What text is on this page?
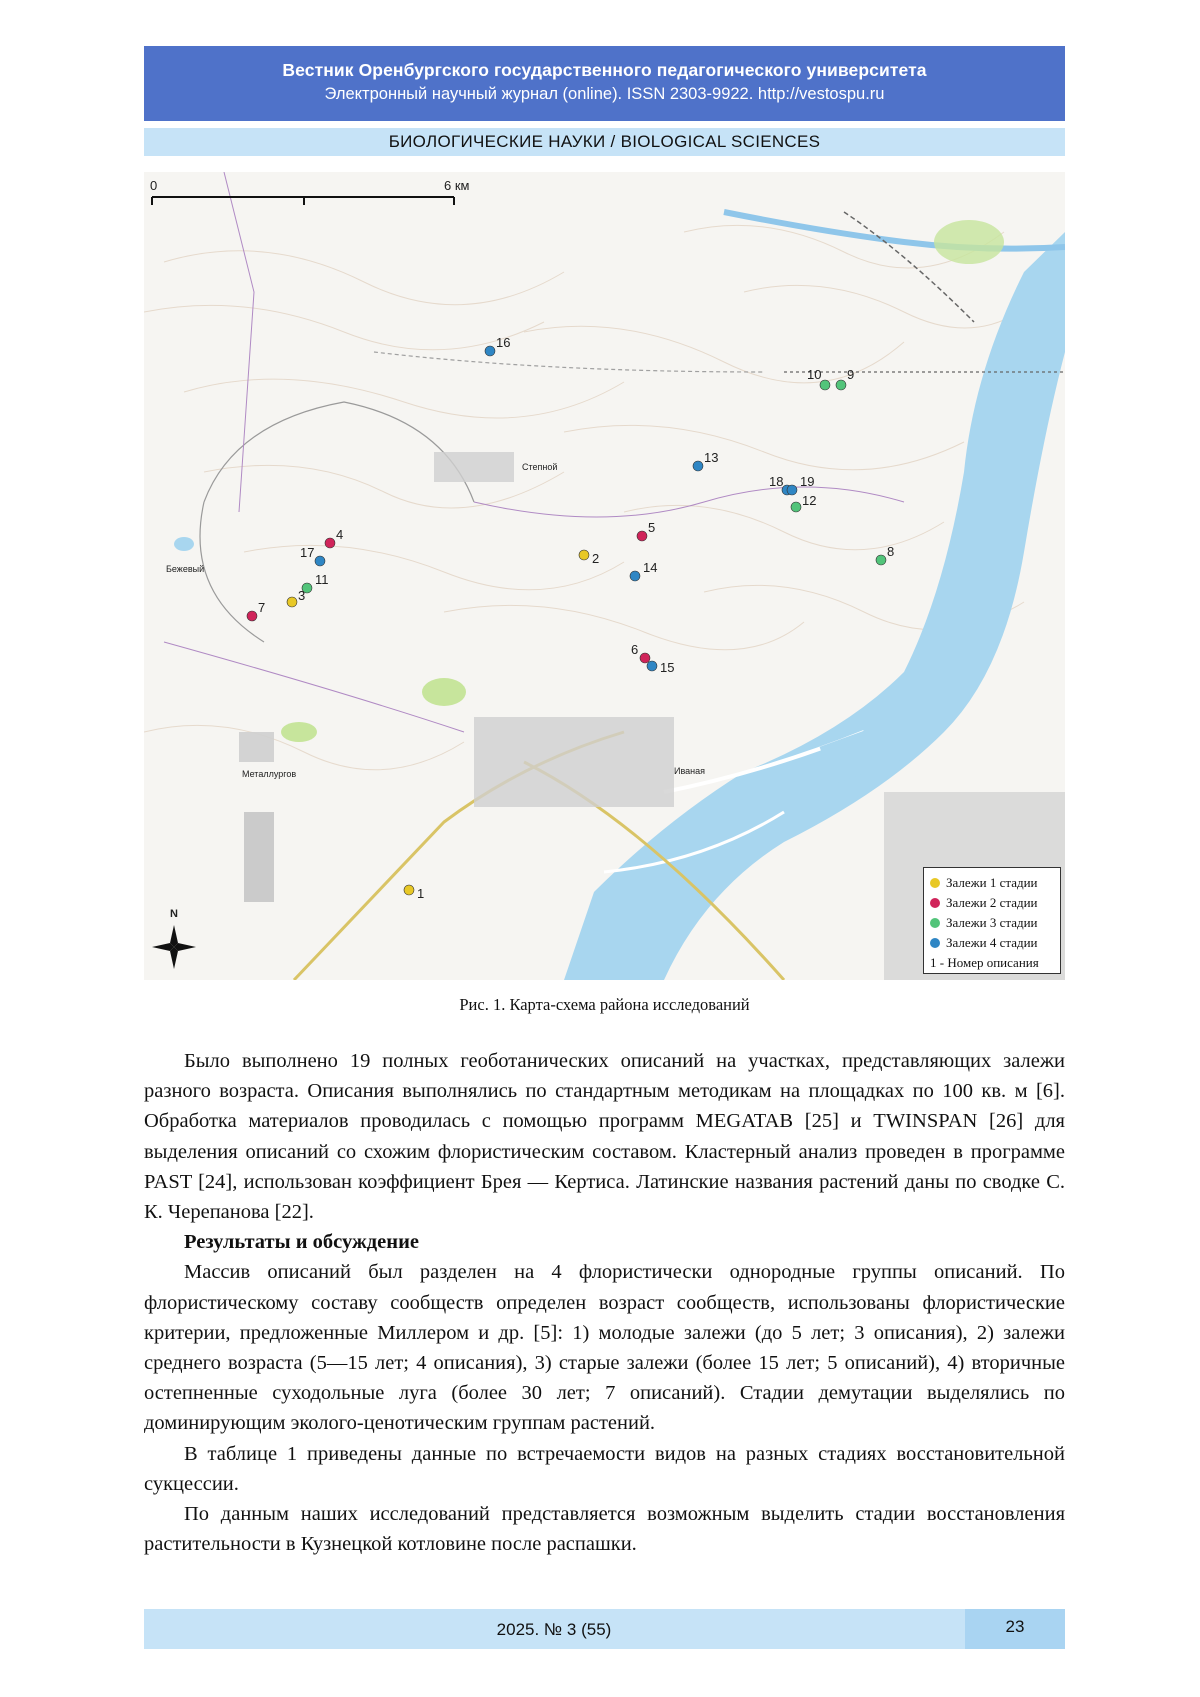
Вестник Оренбургского государственного педагогического университета
Электронный научный журнал (online). ISSN 2303-9922. http://vestospu.ru
БИОЛОГИЧЕСКИЕ НАУКИ / BIOLOGICAL SCIENCES
0	6 км
N
Степной
Бежевый
Металлургов	Иваная
1
2
3
4	5
6
7
8
9
10
11
12
13
14
15
16
17
18 19
Залежи 1 стадии
Залежи 2 стадии
Залежи 3 стадии
Залежи 4 стадии
1 - Номер описания
Рис. 1. Карта-схема района исследований

Было выполнено 19 полных геоботанических описаний на участках, представляющих залежи разного возраста. Описания выполнялись по стандартным методикам на площадках по 100 кв. м [6]. Обработка материалов проводилась с помощью программ MEGATAB [25] и TWINSPAN [26] для выделения описаний со схожим флористическим составом. Кластерный анализ проведен в программе PAST [24], использован коэффициент Брея — Кертиса. Латинские названия растений даны по сводке С. К. Черепанова [22].

Результаты и обсуждение

Массив описаний был разделен на 4 флористически однородные группы описаний. По флористическому составу сообществ определен возраст сообществ, использованы флористические критерии, предложенные Миллером и др. [5]: 1) молодые залежи (до 5 лет; 3 описания), 2) залежи среднего возраста (5—15 лет; 4 описания), 3) старые залежи (более 15 лет; 5 описаний), 4) вторичные остепненные суходольные луга (более 30 лет; 7 описаний). Стадии демутации выделялись по доминирующим эколого-ценотическим группам растений.

В таблице 1 приведены данные по встречаемости видов на разных стадиях восстановительной сукцессии.

По данным наших исследований представляется возможным выделить стадии восстановления растительности в Кузнецкой котловине после распашки.

2025. № 3 (55)	23
